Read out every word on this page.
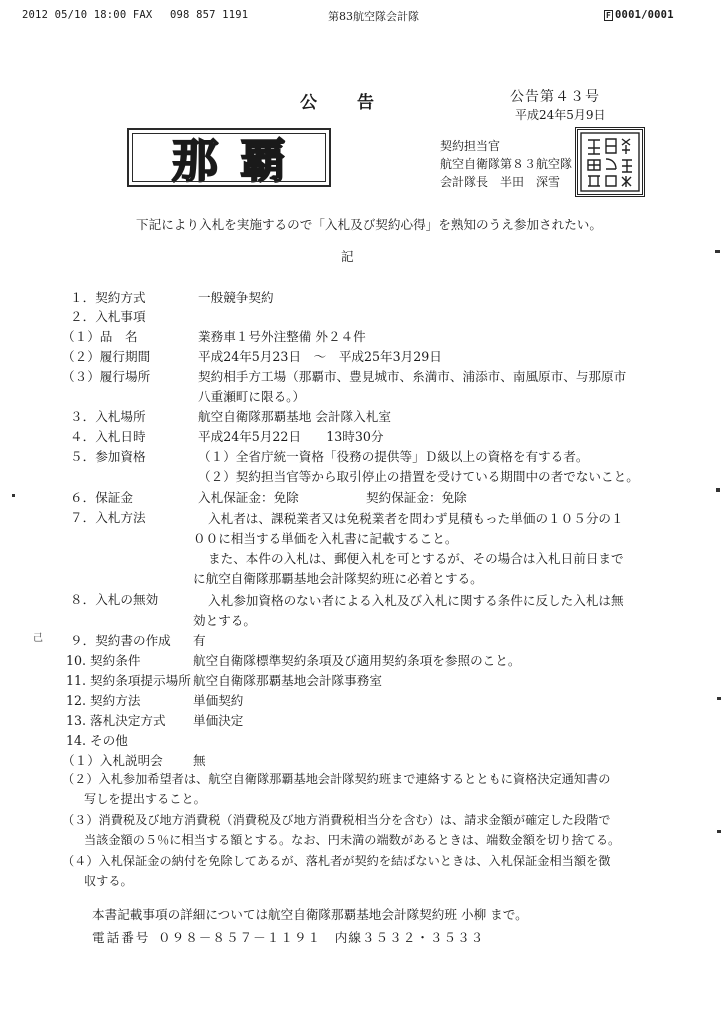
2012 05/10 18:00 FAX 098 857 1191	第83航空隊会計隊	F 0001/0001
公告	公告第４３号
平成24年5月9日
那覇	契約担当官
航空自衛隊第８３航空隊
会計隊長　半田　深雪
下記により入札を実施するので「入札及び契約心得」を熟知のうえ参加されたい。
記
１．契約方式	一般競争契約
２．入札事項
（１）品　名	業務車１号外注整備 外２４件
（２）履行期間	平成24年5月23日　～　平成25年3月29日
（３）履行場所	契約相手方工場（那覇市、豊見城市、糸満市、浦添市、南風原市、与那原市
八重瀬町に限る。）
３．入札場所	航空自衛隊那覇基地 会計隊入札室
４．入札日時	平成24年5月22日　　13時30分
５．参加資格	（１）全省庁統一資格「役務の提供等」Ｄ級以上の資格を有する者。
（２）契約担当官等から取引停止の措置を受けている期間中の者でないこと。
６．保証金	入札保証金：免除	契約保証金：免除
７．入札方法	入札者は、課税業者又は免税業者を問わず見積もった単価の１０５分の１
００に相当する単価を入札書に記載すること。
また、本件の入札は、郵便入札を可とするが、その場合は入札日前日まで
に航空自衛隊那覇基地会計隊契約班に必着とする。
８．入札の無効	入札参加資格のない者による入札及び入札に関する条件に反した入札は無
効とする。
９．契約書の作成 有
10. 契約条件	航空自衛隊標準契約条項及び適用契約条項を参照のこと。
11. 契約条項提示場所 航空自衛隊那覇基地会計隊事務室
12. 契約方法	単価契約
13. 落札決定方式 単価決定
14. その他
（１）入札説明会 無
（２）入札参加希望者は、航空自衛隊那覇基地会計隊契約班まで連絡するとともに資格決定通知書の
写しを提出すること。
（３）消費税及び地方消費税（消費税及び地方消費税相当分を含む）は、請求金額が確定した段階で
当該金額の５％に相当する額とする。なお、円未満の端数があるときは、端数金額を切り捨てる。
（４）入札保証金の納付を免除してあるが、落札者が契約を結ばないときは、入札保証金相当額を徴
収する。
本書記載事項の詳細については航空自衛隊那覇基地会計隊契約班 小柳 まで。
電話番号 ０９８－８５７－１１９１　内線３５３２・３５３３
己
